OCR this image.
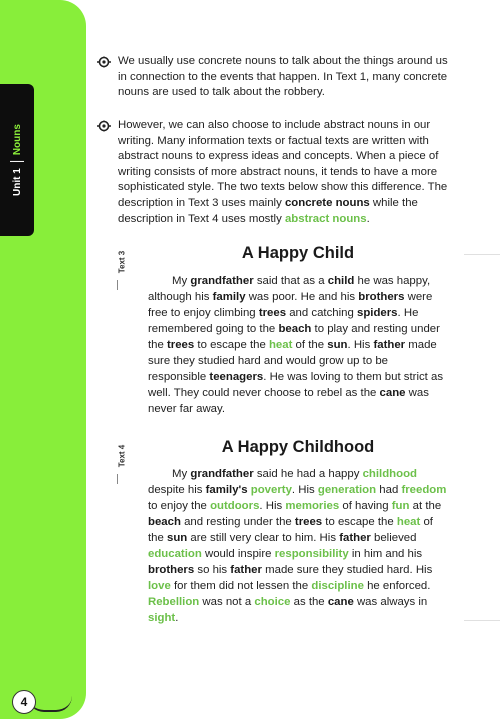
Unit 1
Nouns
4

We usually use concrete nouns to talk about the things around us in connection to the events that happen. In Text 1, many concrete nouns are used to talk about the robbery.

However, we can also choose to include abstract nouns in our writing. Many information texts or factual texts are written with abstract nouns to express ideas and concepts. When a piece of writing consists of more abstract nouns, it tends to have a more sophisticated style. The two texts below show this difference. The description in Text 3 uses mainly concrete nouns while the description in Text 4 uses mostly abstract nouns.

Text 3	A Happy Child

My grandfather said that as a child he was happy, although his family was poor. He and his brothers were free to enjoy climbing trees and catching spiders. He remembered going to the beach to play and resting under the trees to escape the heat of the sun. His father made sure they studied hard and would grow up to be responsible teenagers. He was loving to them but strict as well. They could never choose to rebel as the cane was never far away.

Text 4	A Happy Childhood

My grandfather said he had a happy childhood despite his family's poverty. His generation had freedom to enjoy the outdoors. His memories of having fun at the beach and resting under the trees to escape the heat of the sun are still very clear to him. His father believed education would inspire responsibility in him and his brothers so his father made sure they studied hard. His love for them did not lessen the discipline he enforced. Rebellion was not a choice as the cane was always in sight.
